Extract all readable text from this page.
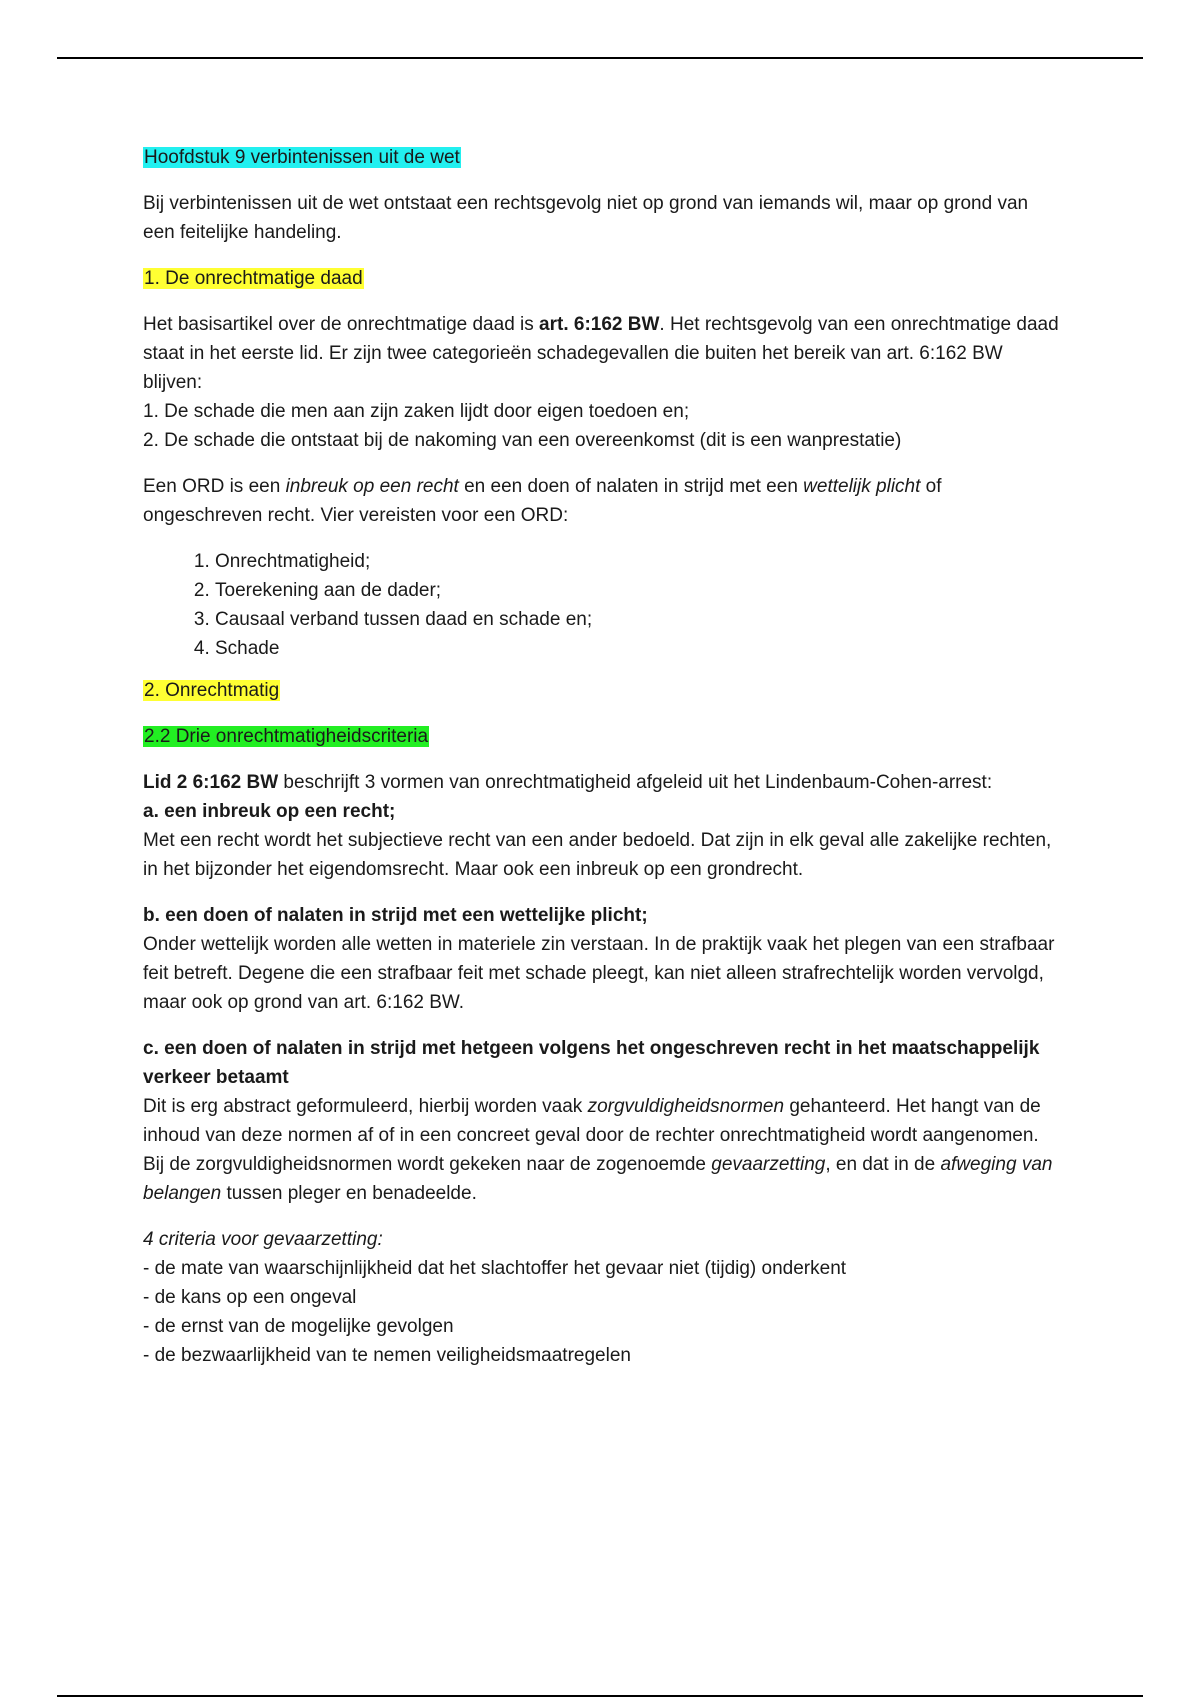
Hoofdstuk 9 verbintenissen uit de wet

Bij verbintenissen uit de wet ontstaat een rechtsgevolg niet op grond van iemands wil, maar op grond van een feitelijke handeling.

1. De onrechtmatige daad

Het basisartikel over de onrechtmatige daad is art. 6:162 BW. Het rechtsgevolg van een onrechtmatige daad staat in het eerste lid. Er zijn twee categorieën schadegevallen die buiten het bereik van art. 6:162 BW blijven:
1. De schade die men aan zijn zaken lijdt door eigen toedoen en;
2. De schade die ontstaat bij de nakoming van een overeenkomst (dit is een wanprestatie)

Een ORD is een inbreuk op een recht en een doen of nalaten in strijd met een wettelijk plicht of ongeschreven recht. Vier vereisten voor een ORD:

1. Onrechtmatigheid;
2. Toerekening aan de dader;
3. Causaal verband tussen daad en schade en;
4. Schade

2. Onrechtmatig

2.2 Drie onrechtmatigheidscriteria

Lid 2 6:162 BW beschrijft 3 vormen van onrechtmatigheid afgeleid uit het Lindenbaum-Cohen-arrest:
a. een inbreuk op een recht;
Met een recht wordt het subjectieve recht van een ander bedoeld. Dat zijn in elk geval alle zakelijke rechten, in het bijzonder het eigendomsrecht. Maar ook een inbreuk op een grondrecht.

b. een doen of nalaten in strijd met een wettelijke plicht;
Onder wettelijk worden alle wetten in materiele zin verstaan. In de praktijk vaak het plegen van een strafbaar feit betreft. Degene die een strafbaar feit met schade pleegt, kan niet alleen strafrechtelijk worden vervolgd, maar ook op grond van art. 6:162 BW.

c. een doen of nalaten in strijd met hetgeen volgens het ongeschreven recht in het maatschappelijk verkeer betaamt
Dit is erg abstract geformuleerd, hierbij worden vaak zorgvuldigheidsnormen gehanteerd. Het hangt van de inhoud van deze normen af of in een concreet geval door de rechter onrechtmatigheid wordt aangenomen. Bij de zorgvuldigheidsnormen wordt gekeken naar de zogenoemde gevaarzetting, en dat in de afweging van belangen tussen pleger en benadeelde.

4 criteria voor gevaarzetting:
- de mate van waarschijnlijkheid dat het slachtoffer het gevaar niet (tijdig) onderkent
- de kans op een ongeval
- de ernst van de mogelijke gevolgen
- de bezwaarlijkheid van te nemen veiligheidsmaatregelen
